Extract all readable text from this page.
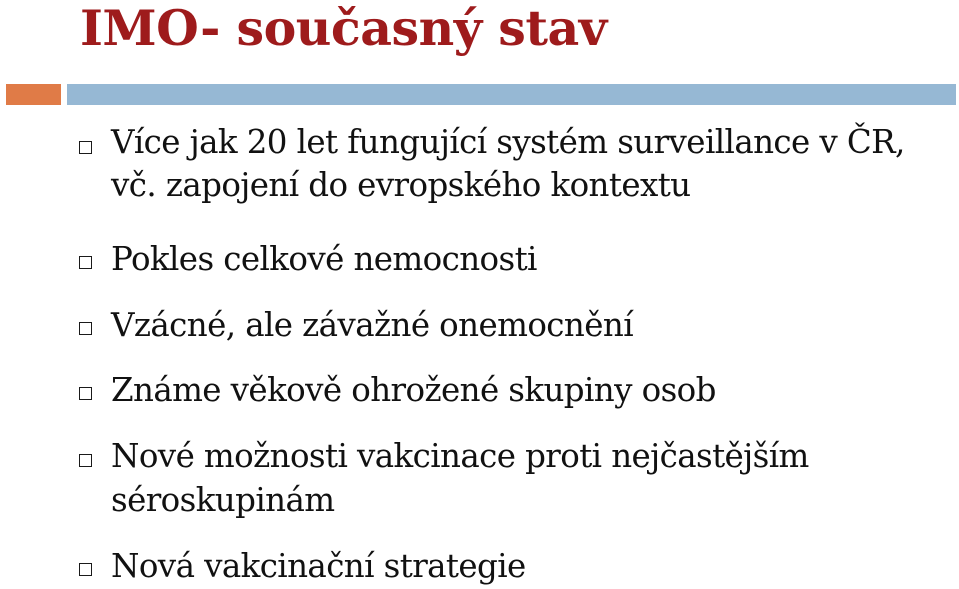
IMO- současný stav
Více jak 20 let fungující systém surveillance v ČR, vč. zapojení do evropského kontextu
Pokles celkové nemocnosti
Vzácné, ale závažné onemocnění
Známe věkově ohrožené skupiny osob
Nové možnosti vakcinace proti nejčastějším séroskupinám
Nová vakcinační strategie
